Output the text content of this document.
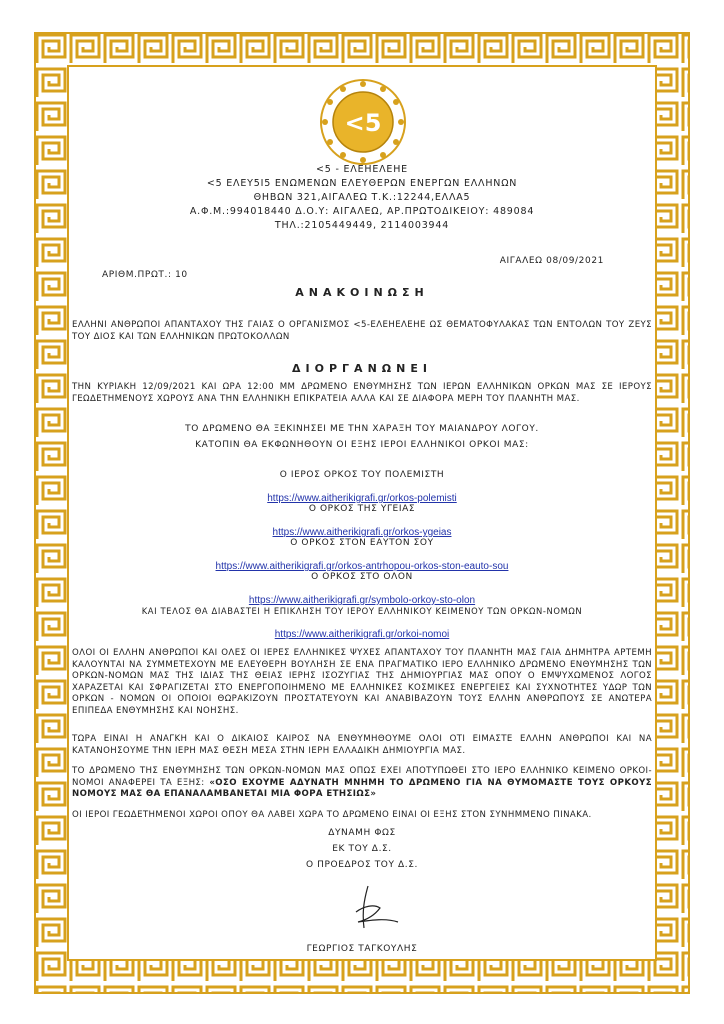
<5
<5 - ΕΛΕΗΕΛΕΗΕ
<5 ΕΛΕΥ5Ι5 ΕΝΩΜΕΝΩΝ ΕΛΕΥΘΕΡΩΝ ΕΝΕΡΓΩΝ ΕΛΛΗΝΩΝ
ΘΗΒΩΝ 321,ΑΙΓΑΛΕΩ Τ.Κ.:12244,ΕΛΛΑ5
Α.Φ.Μ.:994018440 Δ.Ο.Υ: ΑΙΓΑΛΕΩ, ΑΡ.ΠΡΩΤΟΔΙΚΕΙΟΥ: 489084
ΤΗΛ.:2105449449, 2114003944
ΑΙΓΑΛΕΩ 08/09/2021
ΑΡΙΘΜ.ΠΡΩΤ.: 10
ΑΝΑΚΟΙΝΩΣΗ
ΕΛΛΗΝΙ ΑΝΘΡΩΠΟΙ ΑΠΑΝΤΑΧΟΥ ΤΗΣ ΓΑΙΑΣ Ο ΟΡΓΑΝΙΣΜΟΣ <5-ΕΛΕΗΕΛΕΗΕ ΩΣ ΘΕΜΑΤΟΦΥΛΑΚΑΣ ΤΩΝ ΕΝΤΟΛΩΝ ΤΟΥ ΖΕΥΣ ΤΟΥ ΔΙΟΣ ΚΑΙ ΤΩΝ ΕΛΛΗΝΙΚΩΝ ΠΡΩΤΟΚΟΛΛΩΝ
ΔΙΟΡΓΑΝΩΝΕΙ
ΤΗΝ ΚΥΡΙΑΚΗ 12/09/2021 ΚΑΙ ΩΡΑ 12:00 ΜΜ ΔΡΩΜΕΝΟ ΕΝΘΥΜΗΣΗΣ ΤΩΝ ΙΕΡΩΝ ΕΛΛΗΝΙΚΩΝ ΟΡΚΩΝ ΜΑΣ ΣΕ ΙΕΡΟΥΣ ΓΕΩΔΕΤΗΜΕΝΟΥΣ ΧΩΡΟΥΣ ΑΝΑ ΤΗΝ ΕΛΛΗΝΙΚΗ ΕΠΙΚΡΑΤΕΙΑ ΑΛΛΑ ΚΑΙ ΣΕ ΔΙΑΦΟΡΑ ΜΕΡΗ ΤΟΥ ΠΛΑΝΗΤΗ ΜΑΣ.
ΤΟ ΔΡΩΜΕΝΟ ΘΑ ΞΕΚΙΝΗΣΕΙ ΜΕ ΤΗΝ ΧΑΡΑΞΗ ΤΟΥ ΜΑΙΑΝΔΡΟΥ ΛΟΓΟΥ.
ΚΑΤΟΠΙΝ ΘΑ ΕΚΦΩΝΗΘΟΥΝ ΟΙ ΕΞΗΣ ΙΕΡΟΙ ΕΛΛΗΝΙΚΟΙ ΟΡΚΟΙ ΜΑΣ:
Ο ΙΕΡΟΣ ΟΡΚΟΣ ΤΟΥ ΠΟΛΕΜΙΣΤΗ
https://www.aitherikigrafi.gr/orkos-polemisti
Ο ΟΡΚΟΣ ΤΗΣ ΥΓΕΙΑΣ
https://www.aitherikigrafi.gr/orkos-ygeias
Ο ΟΡΚΟΣ ΣΤΟΝ ΕΑΥΤΟΝ ΣΟΥ
https://www.aitherikigrafi.gr/orkos-antrhopou-orkos-ston-eauto-sou
Ο ΟΡΚΟΣ ΣΤΟ ΟΛΟΝ
https://www.aitherikigrafi.gr/symbolo-orkoy-sto-olon
ΚΑΙ ΤΕΛΟΣ ΘΑ ΔΙΑΒΑΣΤΕΙ Η ΕΠΙΚΛΗΣΗ ΤΟΥ ΙΕΡΟΥ ΕΛΛΗΝΙΚΟΥ ΚΕΙΜΕΝΟΥ ΤΩΝ ΟΡΚΩΝ-ΝΟΜΩΝ
https://www.aitherikigrafi.gr/orkoi-nomoi
ΟΛΟΙ ΟΙ ΕΛΛΗΝ ΑΝΘΡΩΠΟΙ ΚΑΙ ΟΛΕΣ ΟΙ ΙΕΡΕΣ ΕΛΛΗΝΙΚΕΣ ΨΥΧΕΣ ΑΠΑΝΤΑΧΟΥ ΤΟΥ ΠΛΑΝΗΤΗ ΜΑΣ ΓΑΙΑ ΔΗΜΗΤΡΑ ΑΡΤΕΜΗ ΚΑΛΟΥΝΤΑΙ ΝΑ ΣΥΜΜΕΤΕΧΟΥΝ ΜΕ ΕΛΕΥΘΕΡΗ ΒΟΥΛΗΣΗ ΣΕ ΕΝΑ ΠΡΑΓΜΑΤΙΚΟ ΙΕΡΟ ΕΛΛΗΝΙΚΟ ΔΡΩΜΕΝΟ ΕΝΘΥΜΗΣΗΣ ΤΩΝ ΟΡΚΩΝ-ΝΟΜΩΝ ΜΑΣ ΤΗΣ ΙΔΙΑΣ ΤΗΣ ΘΕΙΑΣ ΙΕΡΗΣ ΙΣΟΖΥΓΙΑΣ ΤΗΣ ΔΗΜΙΟΥΡΓΙΑΣ ΜΑΣ ΟΠΟΥ Ο ΕΜΨΥΧΩΜΕΝΟΣ ΛΟΓΟΣ ΧΑΡΑΖΕΤΑΙ ΚΑΙ ΣΦΡΑΓΙΖΕΤΑΙ ΣΤΟ ΕΝΕΡΓΟΠΟΙΗΜΕΝΟ ΜΕ ΕΛΛΗΝΙΚΕΣ ΚΟΣΜΙΚΕΣ ΕΝΕΡΓΕΙΕΣ ΚΑΙ ΣΥΧΝΟΤΗΤΕΣ ΥΔΩΡ ΤΩΝ ΟΡΚΩΝ - ΝΟΜΩΝ ΟΙ ΟΠΟΙΟΙ ΘΩΡΑΚΙΖΟΥΝ ΠΡΟΣΤΑΤΕΥΟΥΝ ΚΑΙ ΑΝΑΒΙΒΑΖΟΥΝ ΤΟΥΣ ΕΛΛΗΝ ΑΝΘΡΩΠΟΥΣ ΣΕ ΑΝΩΤΕΡΑ ΕΠΙΠΕΔΑ ΕΝΘΥΜΗΣΗΣ ΚΑΙ ΝΟΗΣΗΣ.
ΤΩΡΑ ΕΙΝΑΙ Η ΑΝΑΓΚΗ ΚΑΙ Ο ΔΙΚΑΙΟΣ ΚΑΙΡΟΣ ΝΑ ΕΝΘΥΜΗΘΟΥΜΕ ΟΛΟΙ ΟΤΙ ΕΙΜΑΣΤΕ ΕΛΛΗΝ ΑΝΘΡΩΠΟΙ ΚΑΙ ΝΑ ΚΑΤΑΝΟΗΣΟΥΜΕ ΤΗΝ ΙΕΡΗ ΜΑΣ ΘΕΣΗ ΜΕΣΑ ΣΤΗΝ ΙΕΡΗ ΕΛΛΑΔΙΚΗ ΔΗΜΙΟΥΡΓΙΑ ΜΑΣ.
ΤΟ ΔΡΩΜΕΝΟ ΤΗΣ ΕΝΘΥΜΗΣΗΣ ΤΩΝ ΟΡΚΩΝ-ΝΟΜΩΝ ΜΑΣ ΟΠΩΣ ΕΧΕΙ ΑΠΟΤΥΠΩΘΕΙ ΣΤΟ ΙΕΡΟ ΕΛΛΗΝΙΚΟ ΚΕΙΜΕΝΟ ΟΡΚΟΙ-ΝΟΜΟΙ ΑΝΑΦΕΡΕΙ ΤΑ ΕΞΗΣ: «ΟΣΟ ΕΧΟΥΜΕ ΑΔΥΝΑΤΗ ΜΝΗΜΗ ΤΟ ΔΡΩΜΕΝΟ ΓΙΑ ΝΑ ΘΥΜΟΜΑΣΤΕ ΤΟΥΣ ΟΡΚΟΥΣ ΝΟΜΟΥΣ ΜΑΣ ΘΑ ΕΠΑΝΑΛΑΜΒΑΝΕΤΑΙ ΜΙΑ ΦΟΡΑ ΕΤΗΣΙΩΣ»
ΟΙ ΙΕΡΟΙ ΓΕΩΔΕΤΗΜΕΝΟΙ ΧΩΡΟΙ ΟΠΟΥ ΘΑ ΛΑΒΕΙ ΧΩΡΑ ΤΟ ΔΡΩΜΕΝΟ ΕΙΝΑΙ ΟΙ ΕΞΗΣ ΣΤΟΝ ΣΥΝΗΜΜΕΝΟ ΠΙΝΑΚΑ.
ΔΥΝΑΜΗ ΦΩΣ
ΕΚ ΤΟΥ Δ.Σ.
Ο ΠΡΟΕΔΡΟΣ ΤΟΥ Δ.Σ.
ΓΕΩΡΓΙΟΣ ΤΑΓΚΟΥΛΗΣ
